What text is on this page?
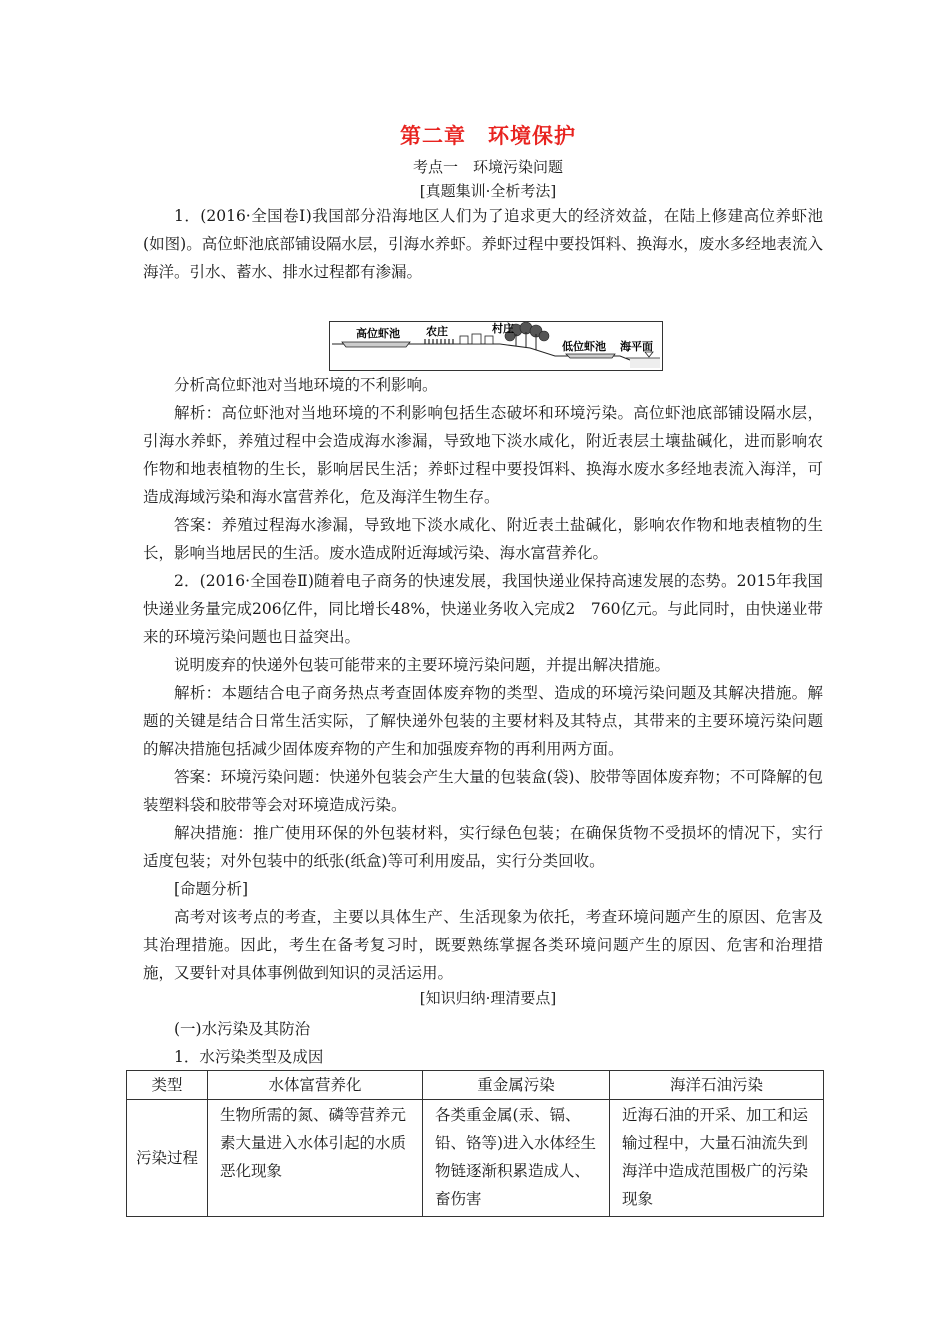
第二章　环境保护
考点一　环境污染问题
[真题集训·全析考法]

1．(2016·全国卷Ⅰ)我国部分沿海地区人们为了追求更大的经济效益，在陆上修建高位养虾池(如图)。高位虾池底部铺设隔水层，引海水养虾。养虾过程中要投饵料、换海水，废水多经地表流入海洋。引水、蓄水、排水过程都有渗漏。

高位虾池 农庄	村庄
低位虾池 海平面

分析高位虾池对当地环境的不利影响。

解析：高位虾池对当地环境的不利影响包括生态破坏和环境污染。高位虾池底部铺设隔水层，引海水养虾，养殖过程中会造成海水渗漏，导致地下淡水咸化，附近表层土壤盐碱化，进而影响农作物和地表植物的生长，影响居民生活；养虾过程中要投饵料、换海水废水多经地表流入海洋，可造成海域污染和海水富营养化，危及海洋生物生存。

答案：养殖过程海水渗漏，导致地下淡水咸化、附近表土盐碱化，影响农作物和地表植物的生长，影响当地居民的生活。废水造成附近海域污染、海水富营养化。

2．(2016·全国卷Ⅱ)随着电子商务的快速发展，我国快递业保持高速发展的态势。2015年我国快递业务量完成206亿件，同比增长48%，快递业务收入完成2　760亿元。与此同时，由快递业带来的环境污染问题也日益突出。

说明废弃的快递外包装可能带来的主要环境污染问题，并提出解决措施。

解析：本题结合电子商务热点考查固体废弃物的类型、造成的环境污染问题及其解决措施。解题的关键是结合日常生活实际，了解快递外包装的主要材料及其特点，其带来的主要环境污染问题的解决措施包括减少固体废弃物的产生和加强废弃物的再利用两方面。

答案：环境污染问题：快递外包装会产生大量的包装盒(袋)、胶带等固体废弃物；不可降解的包装塑料袋和胶带等会对环境造成污染。

解决措施：推广使用环保的外包装材料，实行绿色包装；在确保货物不受损坏的情况下，实行适度包装；对外包装中的纸张(纸盒)等可利用废品，实行分类回收。

[命题分析]

高考对该考点的考查，主要以具体生产、生活现象为依托，考查环境问题产生的原因、危害及其治理措施。因此，考生在备考复习时，既要熟练掌握各类环境问题产生的原因、危害和治理措施，又要针对具体事例做到知识的灵活运用。

[知识归纳·理清要点]

(一)水污染及其防治

1．水污染类型及成因

类型	水体富营养化	重金属污染	海洋石油污染
污染过程	生物所需的氮、磷等营养元素大量进入水体引起的水质恶化现象	各类重金属(汞、镉、铅、铬等)进入水体经生物链逐渐积累造成人、畜伤害	近海石油的开采、加工和运输过程中，大量石油流失到海洋中造成范围极广的污染现象
